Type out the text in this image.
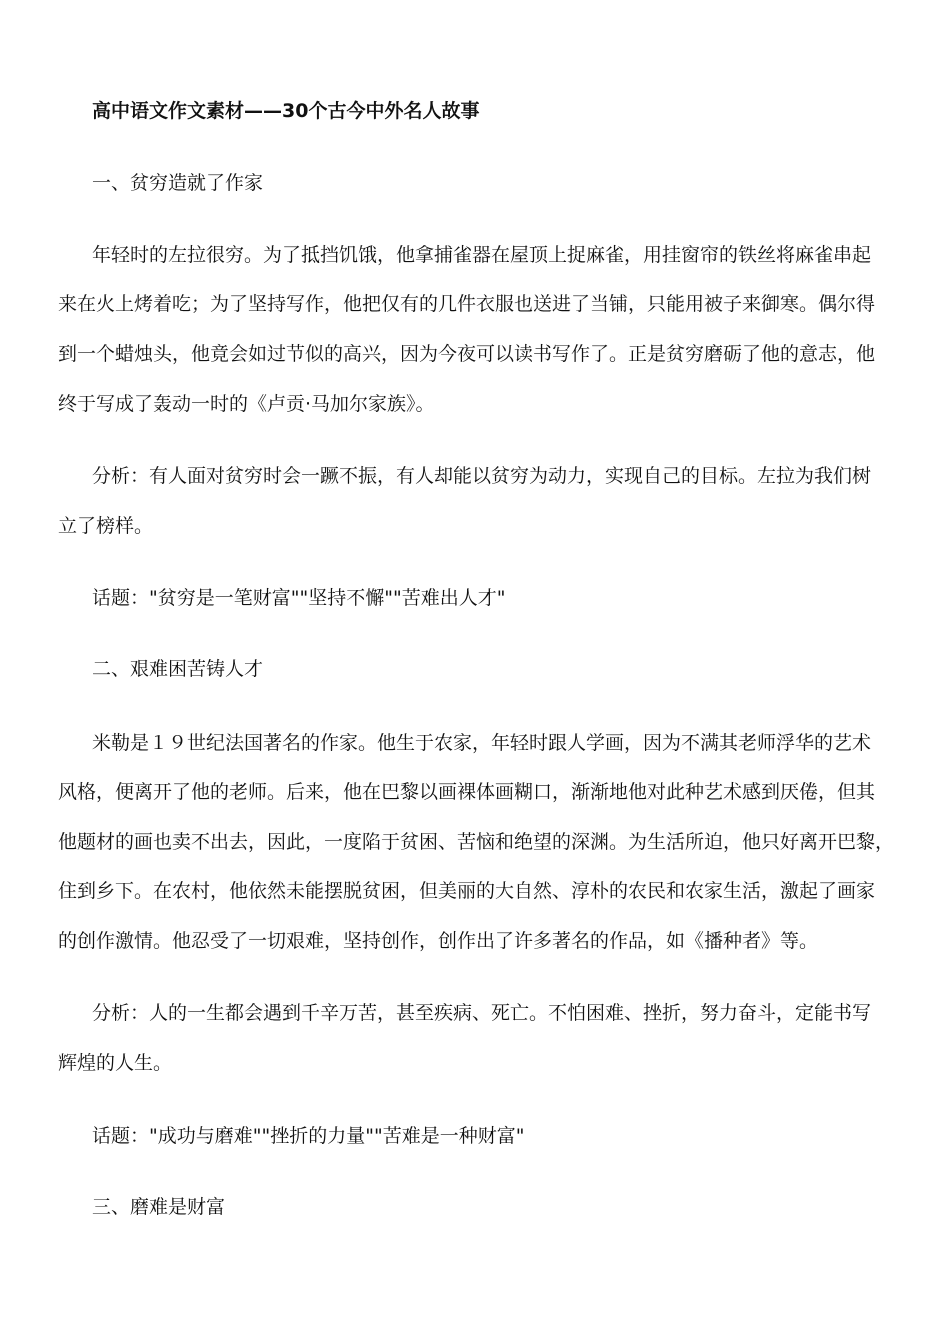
高中语文作文素材——30个古今中外名人故事
一、贫穷造就了作家
年轻时的左拉很穷。为了抵挡饥饿，他拿捕雀器在屋顶上捉麻雀，用挂窗帘的铁丝将麻雀串起
来在火上烤着吃；为了坚持写作，他把仅有的几件衣服也送进了当铺，只能用被子来御寒。偶尔得
到一个蜡烛头，他竟会如过节似的高兴，因为今夜可以读书写作了。正是贫穷磨砺了他的意志，他
终于写成了轰动一时的《卢贡·马加尔家族》。
分析：有人面对贫穷时会一蹶不振，有人却能以贫穷为动力，实现自己的目标。左拉为我们树
立了榜样。
话题："贫穷是一笔财富""坚持不懈""苦难出人才"
二、艰难困苦铸人才
米勒是１９世纪法国著名的作家。他生于农家，年轻时跟人学画，因为不满其老师浮华的艺术
风格，便离开了他的老师。后来，他在巴黎以画裸体画糊口，渐渐地他对此种艺术感到厌倦，但其
他题材的画也卖不出去，因此，一度陷于贫困、苦恼和绝望的深渊。为生活所迫，他只好离开巴黎，
住到乡下。在农村，他依然未能摆脱贫困，但美丽的大自然、淳朴的农民和农家生活，激起了画家
的创作激情。他忍受了一切艰难，坚持创作，创作出了许多著名的作品，如《播种者》等。
分析：人的一生都会遇到千辛万苦，甚至疾病、死亡。不怕困难、挫折，努力奋斗，定能书写
辉煌的人生。
话题："成功与磨难""挫折的力量""苦难是一种财富"
三、磨难是财富
